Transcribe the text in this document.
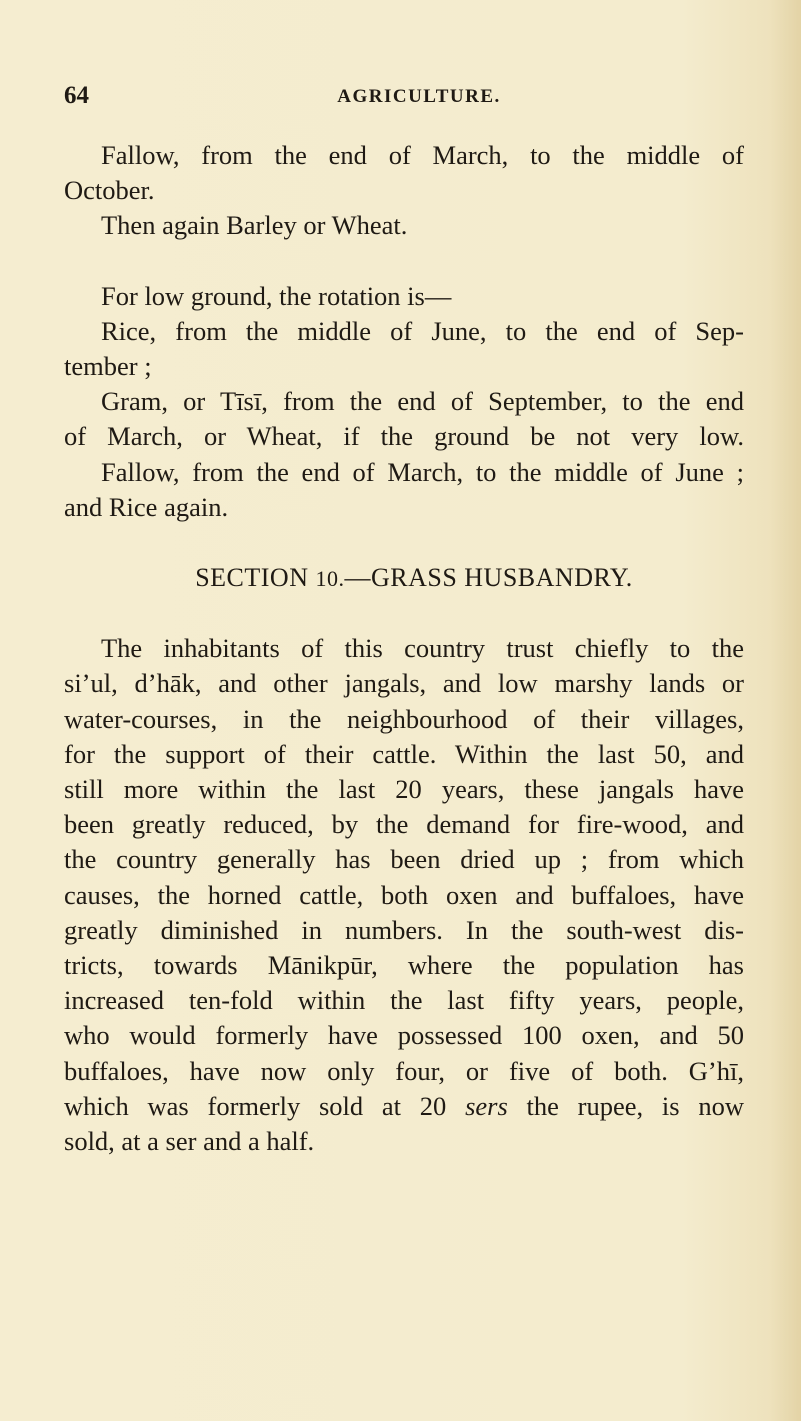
64	AGRICULTURE.
Fallow, from the end of March, to the middle of
October.
Then again Barley or Wheat.
For low ground, the rotation is—
Rice, from the middle of June, to the end of Sep-
tember ;
Gram, or Tīsī, from the end of September, to the end
of March, or Wheat, if the ground be not very low.
Fallow, from the end of March, to the middle of June ;
and Rice again.
SECTION 10.—GRASS HUSBANDRY.
The inhabitants of this country trust chiefly to the
si’ul, d’hāk, and other jangals, and low marshy lands or
water-courses, in the neighbourhood of their villages,
for the support of their cattle. Within the last 50, and
still more within the last 20 years, these jangals have
been greatly reduced, by the demand for fire-wood, and
the country generally has been dried up ; from which
causes, the horned cattle, both oxen and buffaloes, have
greatly diminished in numbers. In the south-west dis-
tricts, towards Mānikpūr, where the population has
increased ten-fold within the last fifty years, people,
who would formerly have possessed 100 oxen, and 50
buffaloes, have now only four, or five of both. G’hī,
which was formerly sold at 20 sers the rupee, is now
sold, at a ser and a half.
